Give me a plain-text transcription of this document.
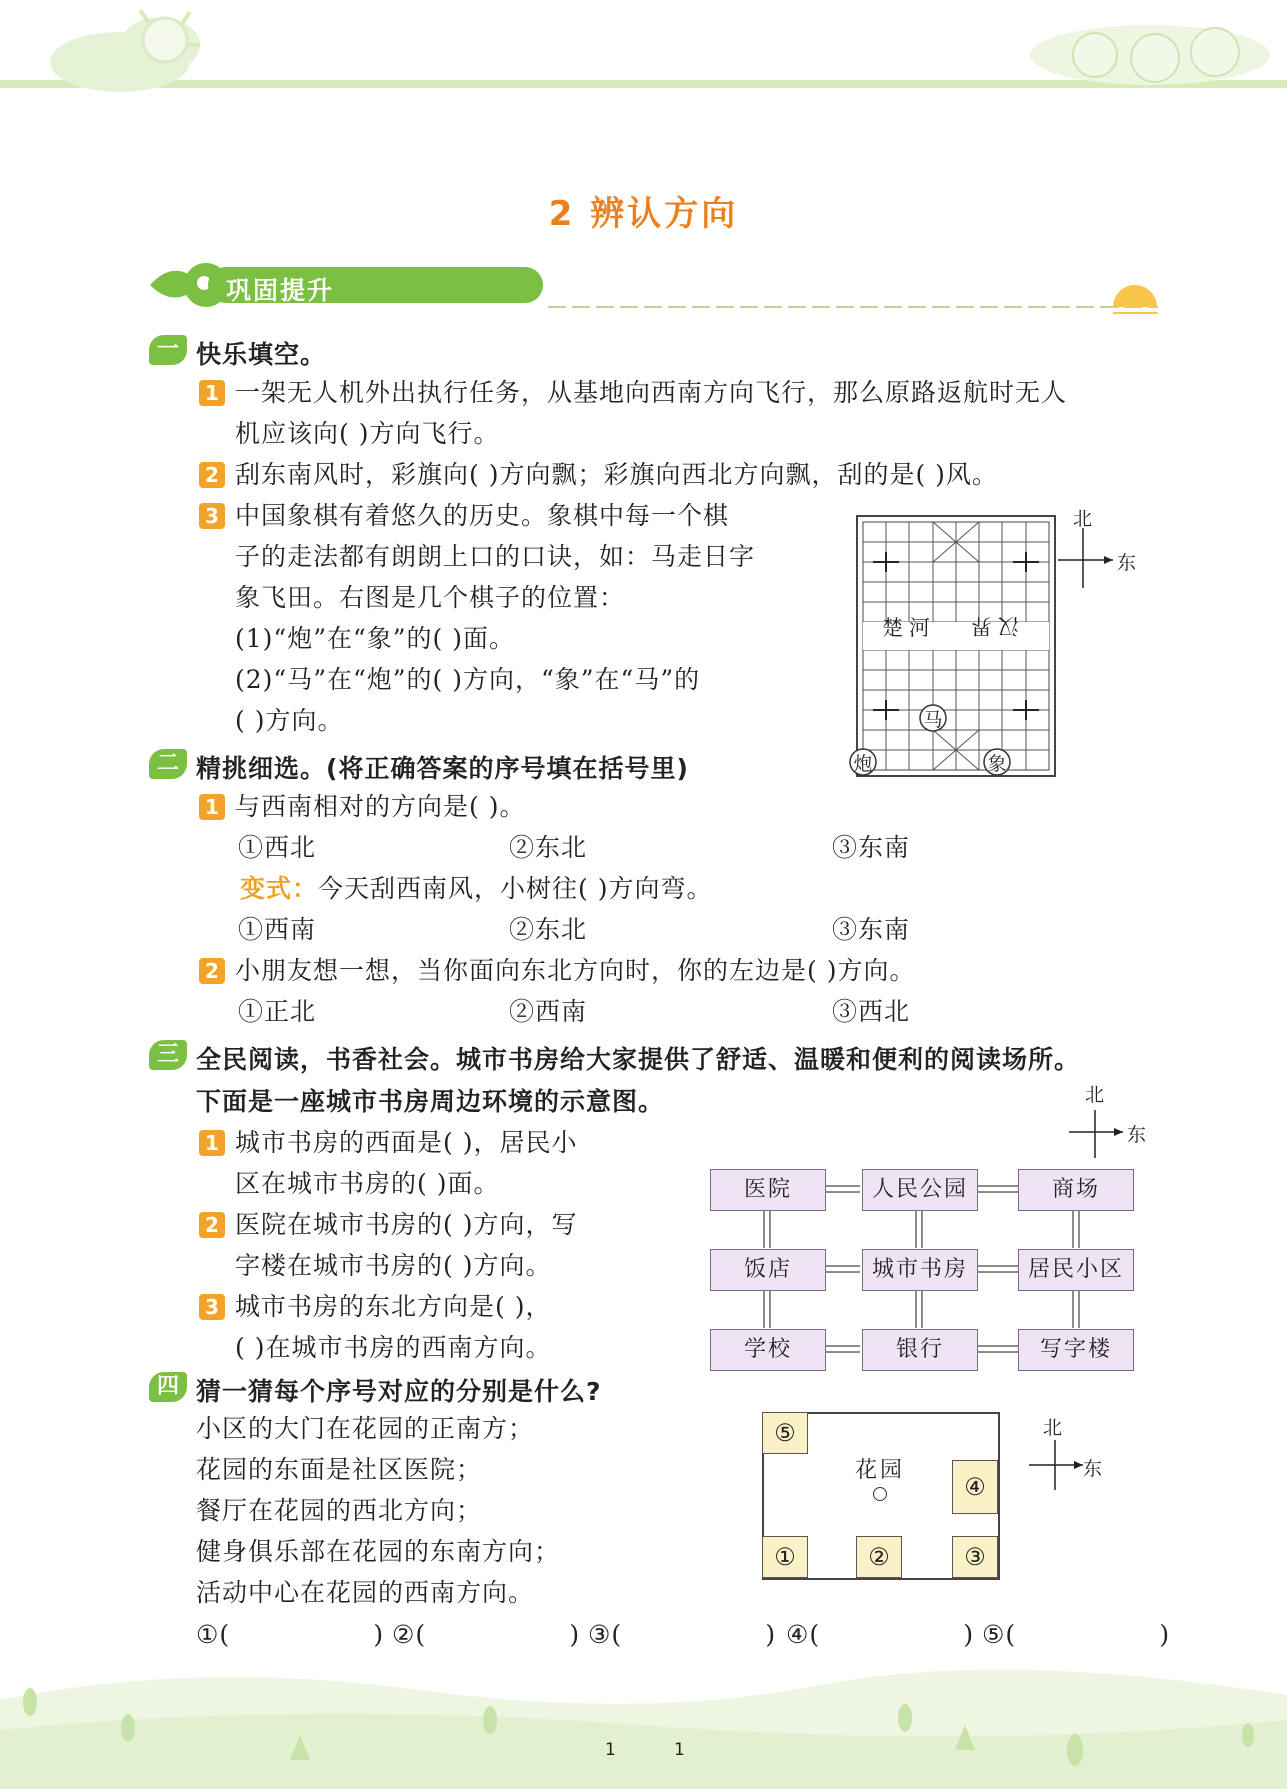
2 辨认方向
巩固提升
一 快乐填空。
1 一架无人机外出执行任务，从基地向西南方向飞行，那么原路返航时无人
机应该向( )方向飞行。
2 刮东南风时，彩旗向( )方向飘；彩旗向西北方向飘，刮的是( )风。
3 中国象棋有着悠久的历史。象棋中每一个棋
子的走法都有朗朗上口的口诀，如：马走日字
象飞田。右图是几个棋子的位置：
(1)“炮”在“象”的( )面。
(2)“马”在“炮”的( )方向，“象”在“马”的
( )方向。
楚河 汉界
马
炮	象
北
东
二 精挑细选。(将正确答案的序号填在括号里)
1 与西南相对的方向是( )。
①西北	②东北	③东南
变式：今天刮西南风，小树往( )方向弯。
①西南	②东北	③东南
2 小朋友想一想，当你面向东北方向时，你的左边是( )方向。
①正北	②西南	③西北
三 全民阅读，书香社会。城市书房给大家提供了舒适、温暖和便利的阅读场所。
下面是一座城市书房周边环境的示意图。
1 城市书房的西面是( )，居民小
区在城市书房的( )面。
2 医院在城市书房的( )方向，写
字楼在城市书房的( )方向。
3 城市书房的东北方向是( )，
( )在城市书房的西南方向。
北
东
医院	人民公园	商场
饭店	城市书房	居民小区
学校	银行	写字楼
四 猜一猜每个序号对应的分别是什么?
小区的大门在花园的正南方；
花园的东面是社区医院；
餐厅在花园的西北方向；
健身俱乐部在花园的东南方向；
活动中心在花园的西南方向。
⑤
④
①	②	③
花园
北
东
①(                ) ②(                ) ③(                ) ④(                ) ⑤(                )
1	1
